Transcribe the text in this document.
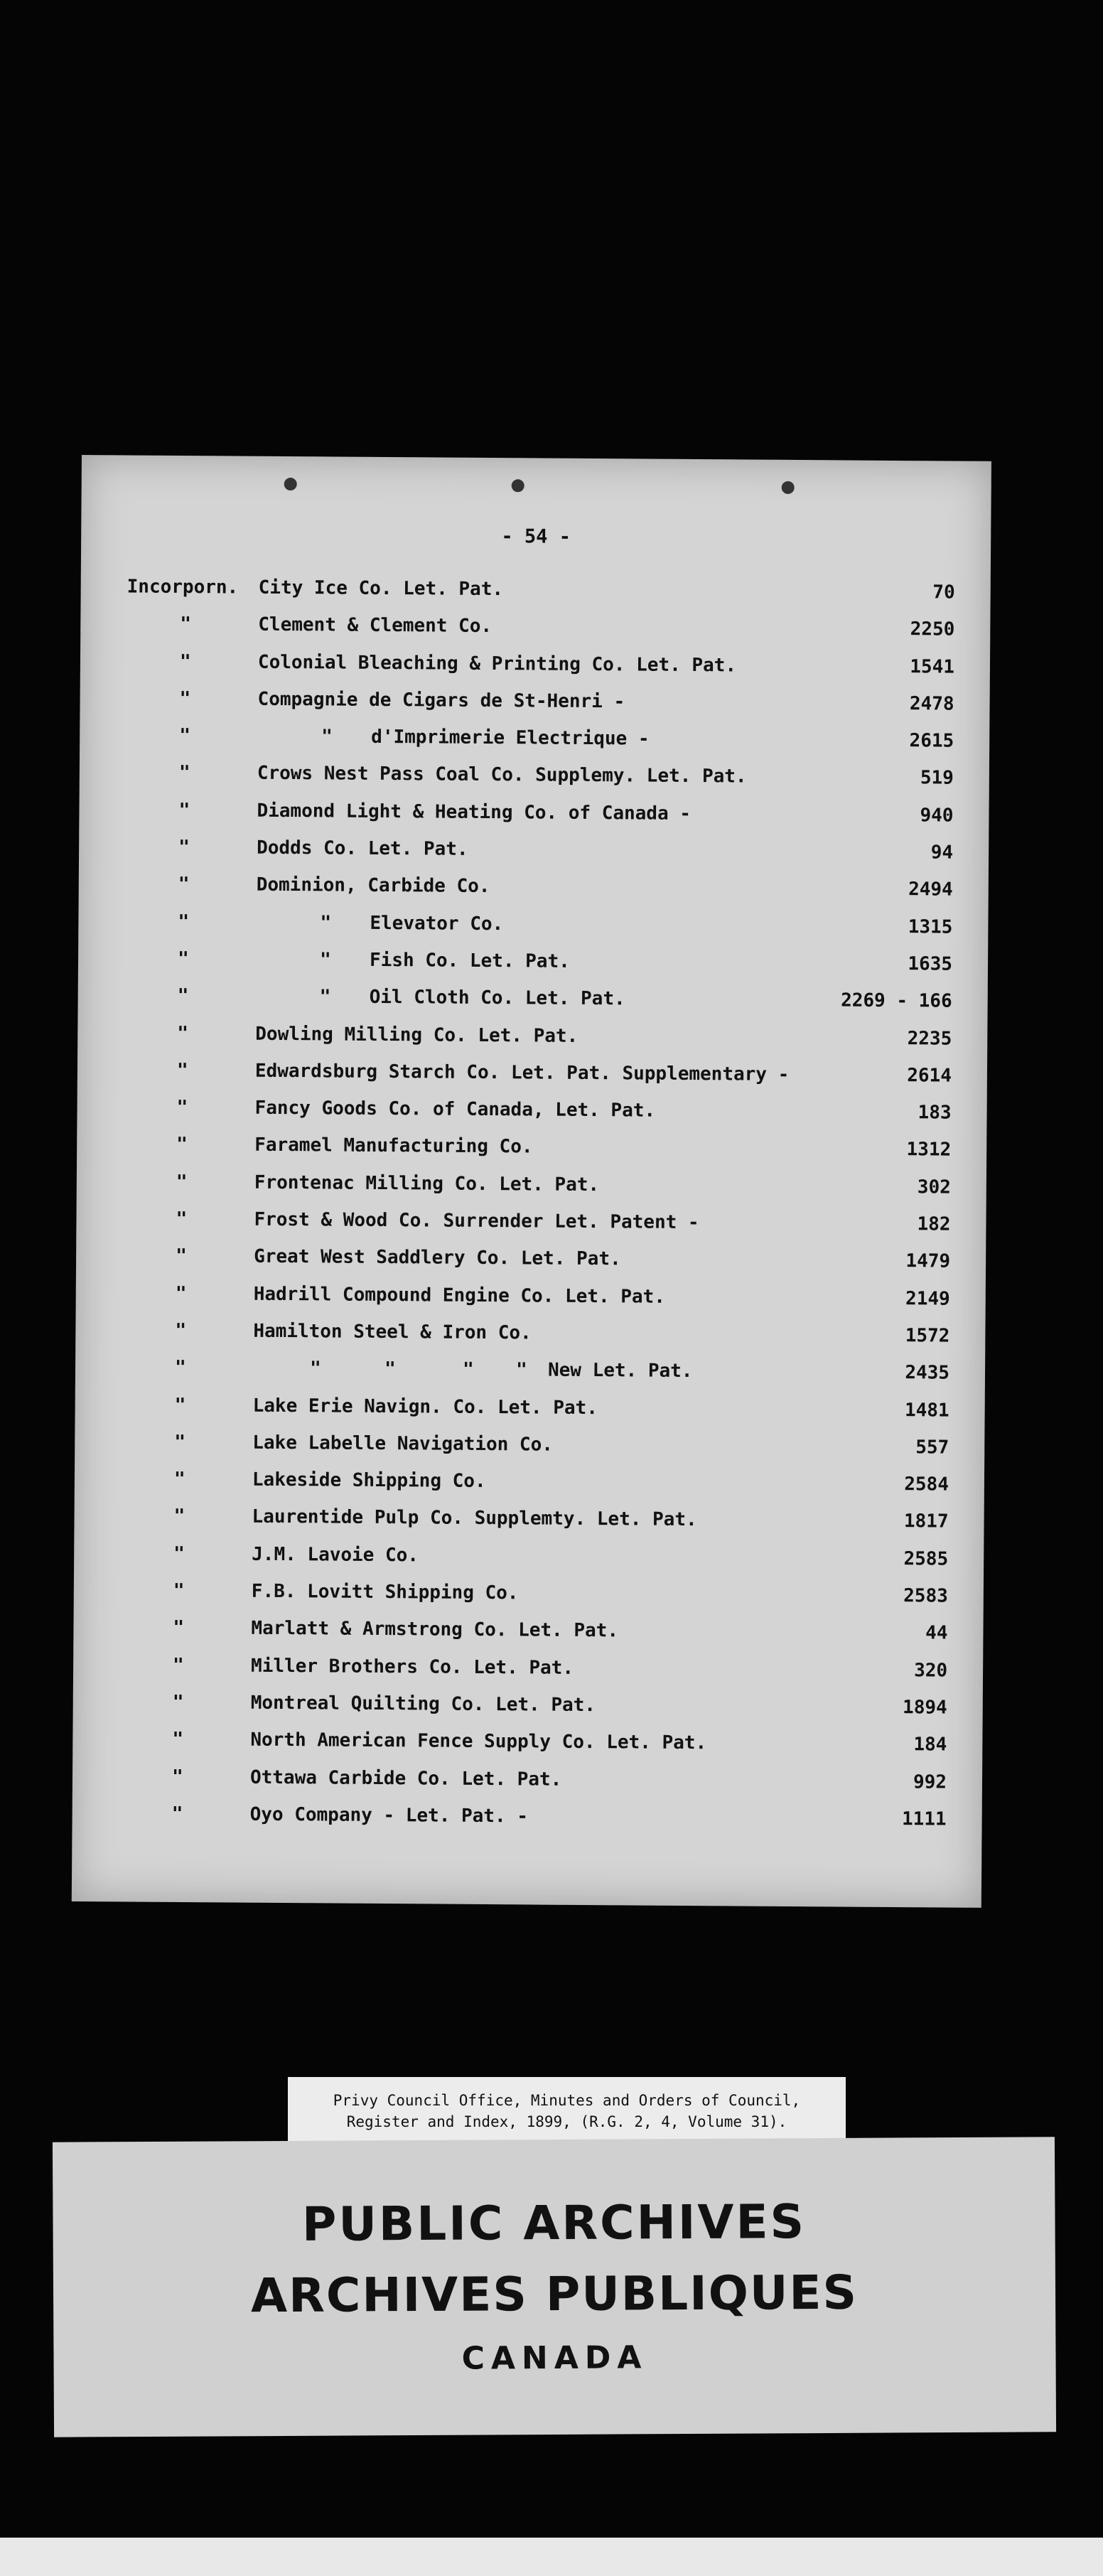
- 54 -
Incorporn. City Ice Co. Let. Pat.	70
"	Clement & Clement Co.	2250
"	Colonial Bleaching & Printing Co. Let. Pat.	1541
"	Compagnie de Cigars de St-Henri -	2478
"	" d'Imprimerie Electrique -	2615
"	Crows Nest Pass Coal Co. Supplemy. Let. Pat.	519
"	Diamond Light & Heating Co. of Canada -	940
"	Dodds Co. Let. Pat.	94
"	Dominion, Carbide Co.	2494
"	" Elevator Co.	1315
"	" Fish Co. Let. Pat.	1635
"	" Oil Cloth Co. Let. Pat.	2269 - 166
"	Dowling Milling Co. Let. Pat.	2235
"	Edwardsburg Starch Co. Let. Pat. Supplementary -	2614
"	Fancy Goods Co. of Canada, Let. Pat.	183
"	Faramel Manufacturing Co.	1312
"	Frontenac Milling Co. Let. Pat.	302
"	Frost & Wood Co. Surrender Let. Patent -	182
"	Great West Saddlery Co. Let. Pat.	1479
"	Hadrill Compound Engine Co. Let. Pat.	2149
"	Hamilton Steel & Iron Co.	1572
"	"	"	" " New Let. Pat.	2435
"	Lake Erie Navign. Co. Let. Pat.	1481
"	Lake Labelle Navigation Co.	557
"	Lakeside Shipping Co.	2584
"	Laurentide Pulp Co. Supplemty. Let. Pat.	1817
"	J.M. Lavoie Co.	2585
"	F.B. Lovitt Shipping Co.	2583
"	Marlatt & Armstrong Co. Let. Pat.	44
"	Miller Brothers Co. Let. Pat.	320
"	Montreal Quilting Co. Let. Pat.	1894
"	North American Fence Supply Co. Let. Pat.	184
"	Ottawa Carbide Co. Let. Pat.	992
"	Oyo Company - Let. Pat. -	1111
Privy Council Office, Minutes and Orders of Council,
Register and Index, 1899, (R.G. 2, 4, Volume 31).
PUBLIC ARCHIVES
ARCHIVES PUBLIQUES
CANADA
